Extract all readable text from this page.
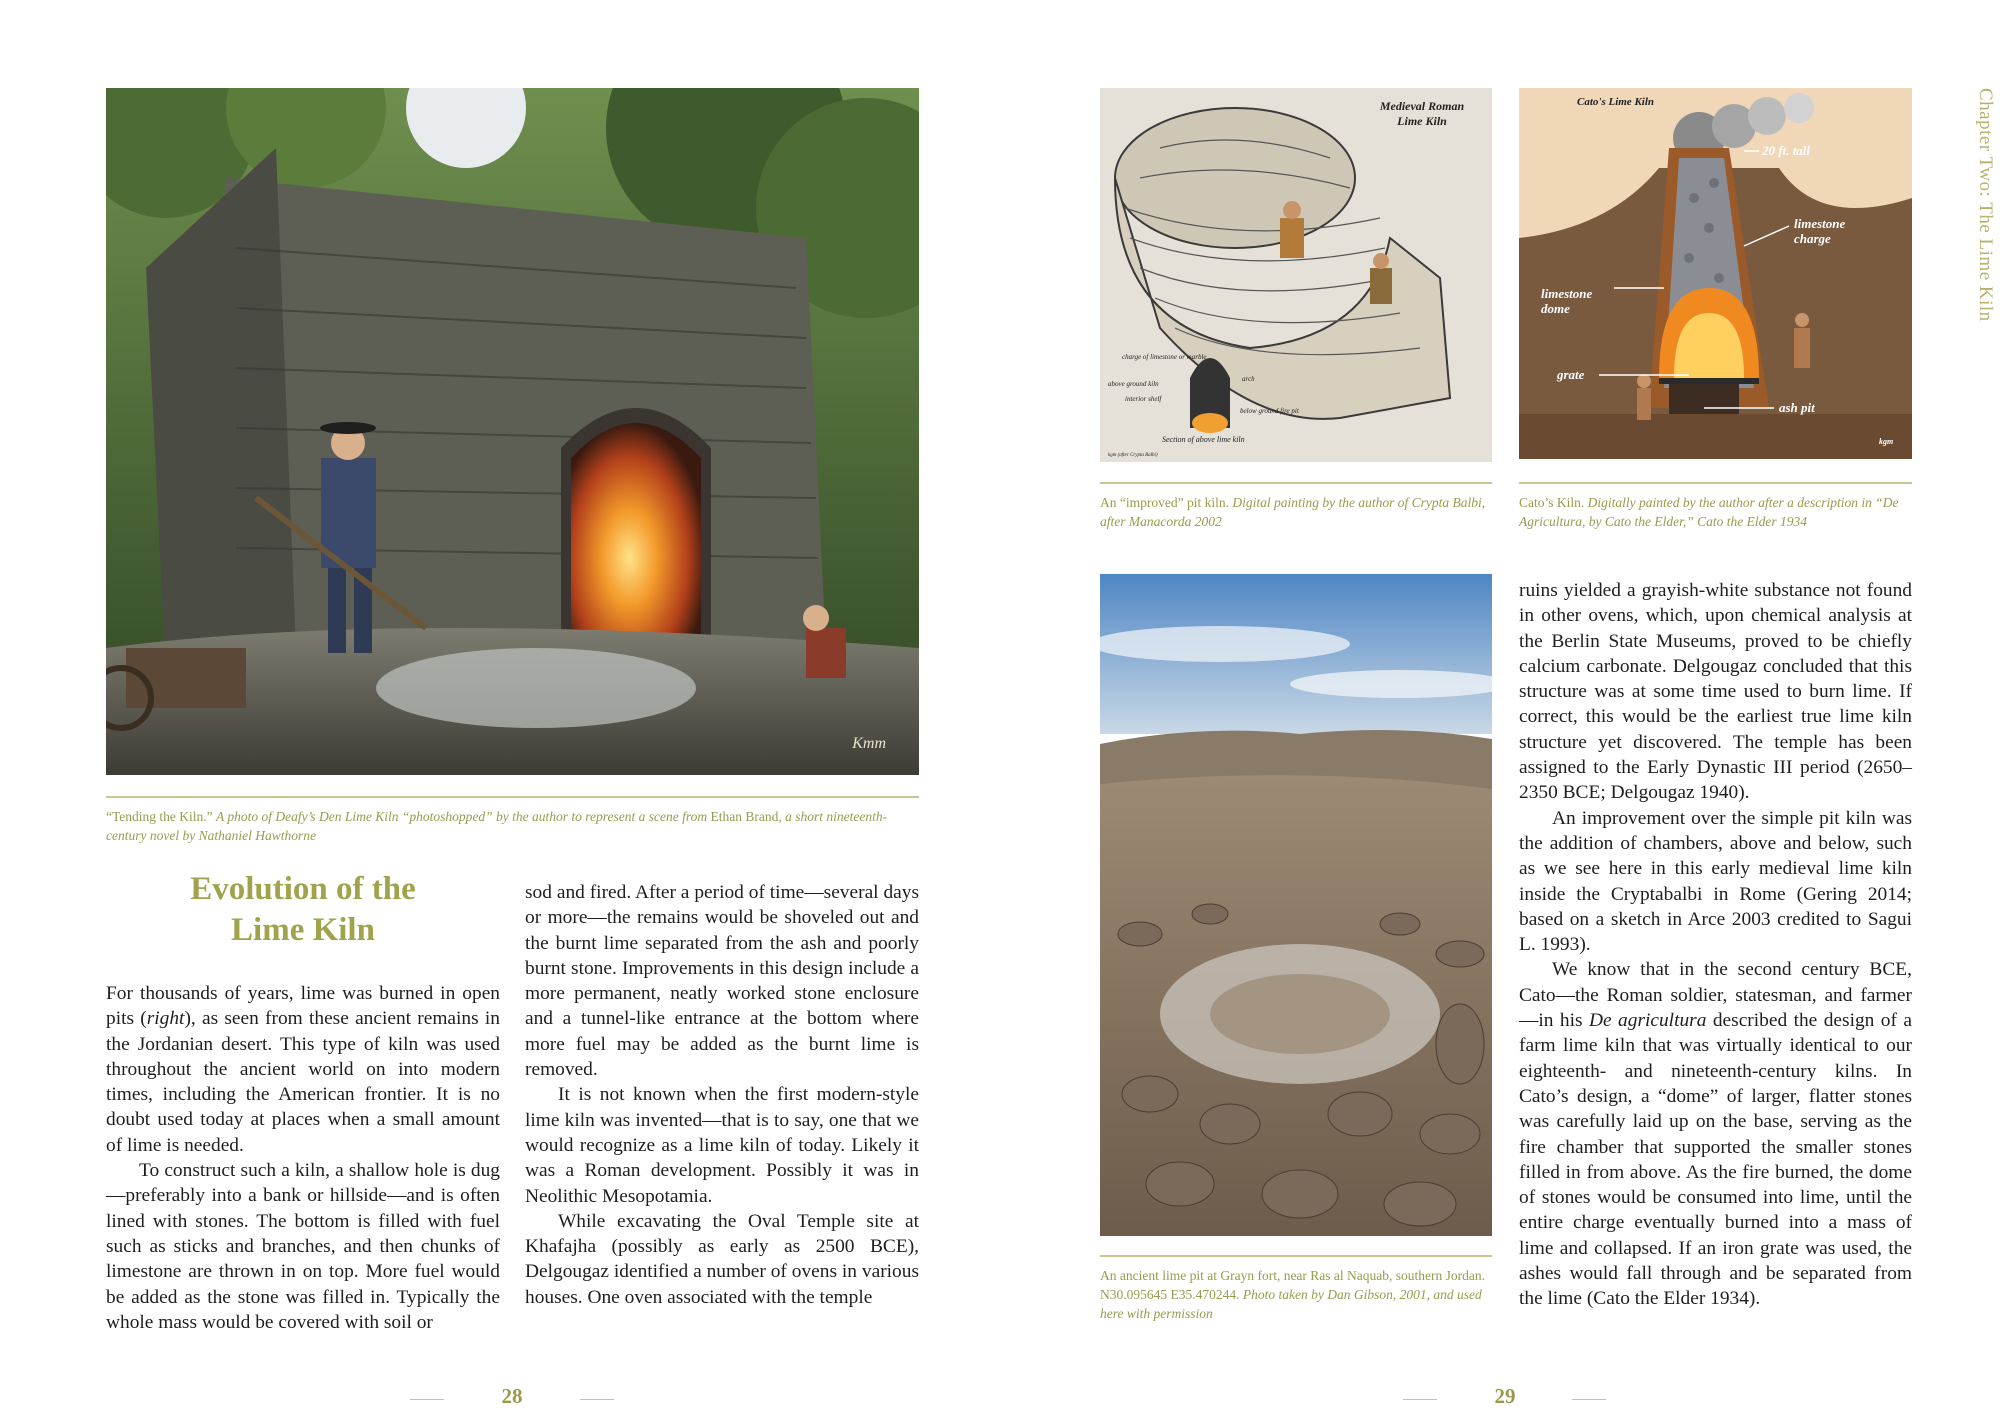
Kmm
“Tending the Kiln.” A photo of Deafy’s Den Lime Kiln “photoshopped” by the author to represent a scene from Ethan Brand, a short nineteenth-century novel by Nathaniel Hawthorne
Evolution of the
Lime Kiln

For thousands of years, lime was burned in open pits (right), as seen from these ancient remains in the Jordanian desert. This type of kiln was used throughout the ancient world on into modern times, including the American frontier. It is no doubt used today at places when a small amount of lime is needed.

To construct such a kiln, a shallow hole is dug—preferably into a bank or hillside—and is often lined with stones. The bottom is filled with fuel such as sticks and branches, and then chunks of limestone are thrown in on top. More fuel would be added as the stone was filled in. Typically the whole mass would be covered with soil or

sod and fired. After a period of time—several days or more—the remains would be shoveled out and the burnt lime separated from the ash and poorly burnt stone. Improvements in this design include a more permanent, neatly worked stone enclosure and a tunnel-like entrance at the bottom where more fuel may be added as the burnt lime is removed.

It is not known when the first modern-style lime kiln was invented—that is to say, one that we would recognize as a lime kiln of today. Likely it was a Roman development. Possibly it was in Neolithic Mesopotamia.

While excavating the Oval Temple site at Khafajha (possibly as early as 2500 BCE), Delgougaz identified a number of ovens in various houses. One oven associated with the temple

28
charge of limestone or marble
above ground kiln
interior shelf
arch
below ground fire pit
Section of above lime kiln
kgm (after Crypta Balbi)
Medieval Roman
Lime Kiln
An “improved” pit kiln. Digital painting by the author of Crypta Balbi, after Manacorda 2002
20 ft. tall
limestone
charge
limestone
dome
grate
ash pit
kgm
Cato's Lime Kiln
Cato’s Kiln. Digitally painted by the author after a description in “De Agricultura, by Cato the Elder,” Cato the Elder 1934
An ancient lime pit at Grayn fort, near Ras al Naquab, southern Jordan. N30.095645 E35.470244. Photo taken by Dan Gibson, 2001, and used here with permission

ruins yielded a grayish-white substance not found in other ovens, which, upon chemical analysis at the Berlin State Museums, proved to be chiefly calcium carbonate. Delgougaz concluded that this structure was at some time used to burn lime. If correct, this would be the earliest true lime kiln structure yet discovered. The temple has been assigned to the Early Dynastic III period (2650–2350 BCE; Delgougaz 1940).

An improvement over the simple pit kiln was the addition of chambers, above and below, such as we see here in this early medieval lime kiln inside the Cryptabalbi in Rome (Gering 2014; based on a sketch in Arce 2003 credited to Sagui L. 1993).

We know that in the second century BCE, Cato—the Roman soldier, statesman, and farmer—in his De agricultura described the design of a farm lime kiln that was virtually identical to our eighteenth- and nineteenth-century kilns. In Cato’s design, a “dome” of larger, flatter stones was carefully laid up on the base, serving as the fire chamber that supported the smaller stones filled in from above. As the fire burned, the dome of stones would be consumed into lime, until the entire charge eventually burned into a mass of lime and collapsed. If an iron grate was used, the ashes would fall through and be separated from the lime (Cato the Elder 1934).

29
Chapter Two: The Lime Kiln
